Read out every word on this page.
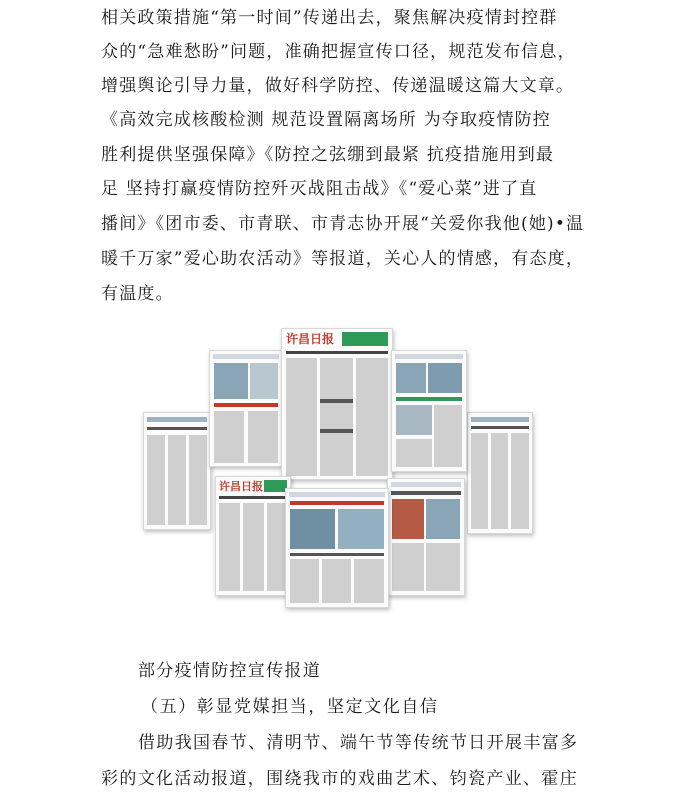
相关政策措施“第一时间”传递出去，聚焦解决疫情封控群
众的“急难愁盼”问题，准确把握宣传口径，规范发布信息，
增强舆论引导力量，做好科学防控、传递温暖这篇大文章。
《高效完成核酸检测 规范设置隔离场所 为夺取疫情防控
胜利提供坚强保障》《防控之弦绷到最紧 抗疫措施用到最
足 坚持打赢疫情防控歼灭战阻击战》《“爱心菜”进了直
播间》《团市委、市青联、市青志协开展“关爱你我他(她)•温
暖千万家”爱心助农活动》等报道，关心人的情感，有态度，
有温度。
许昌日报
许昌日报
部分疫情防控宣传报道
（五）彰显党媒担当，坚定文化自信
借助我国春节、清明节、端午节等传统节日开展丰富多
彩的文化活动报道，围绕我市的戏曲艺术、钧瓷产业、霍庄
